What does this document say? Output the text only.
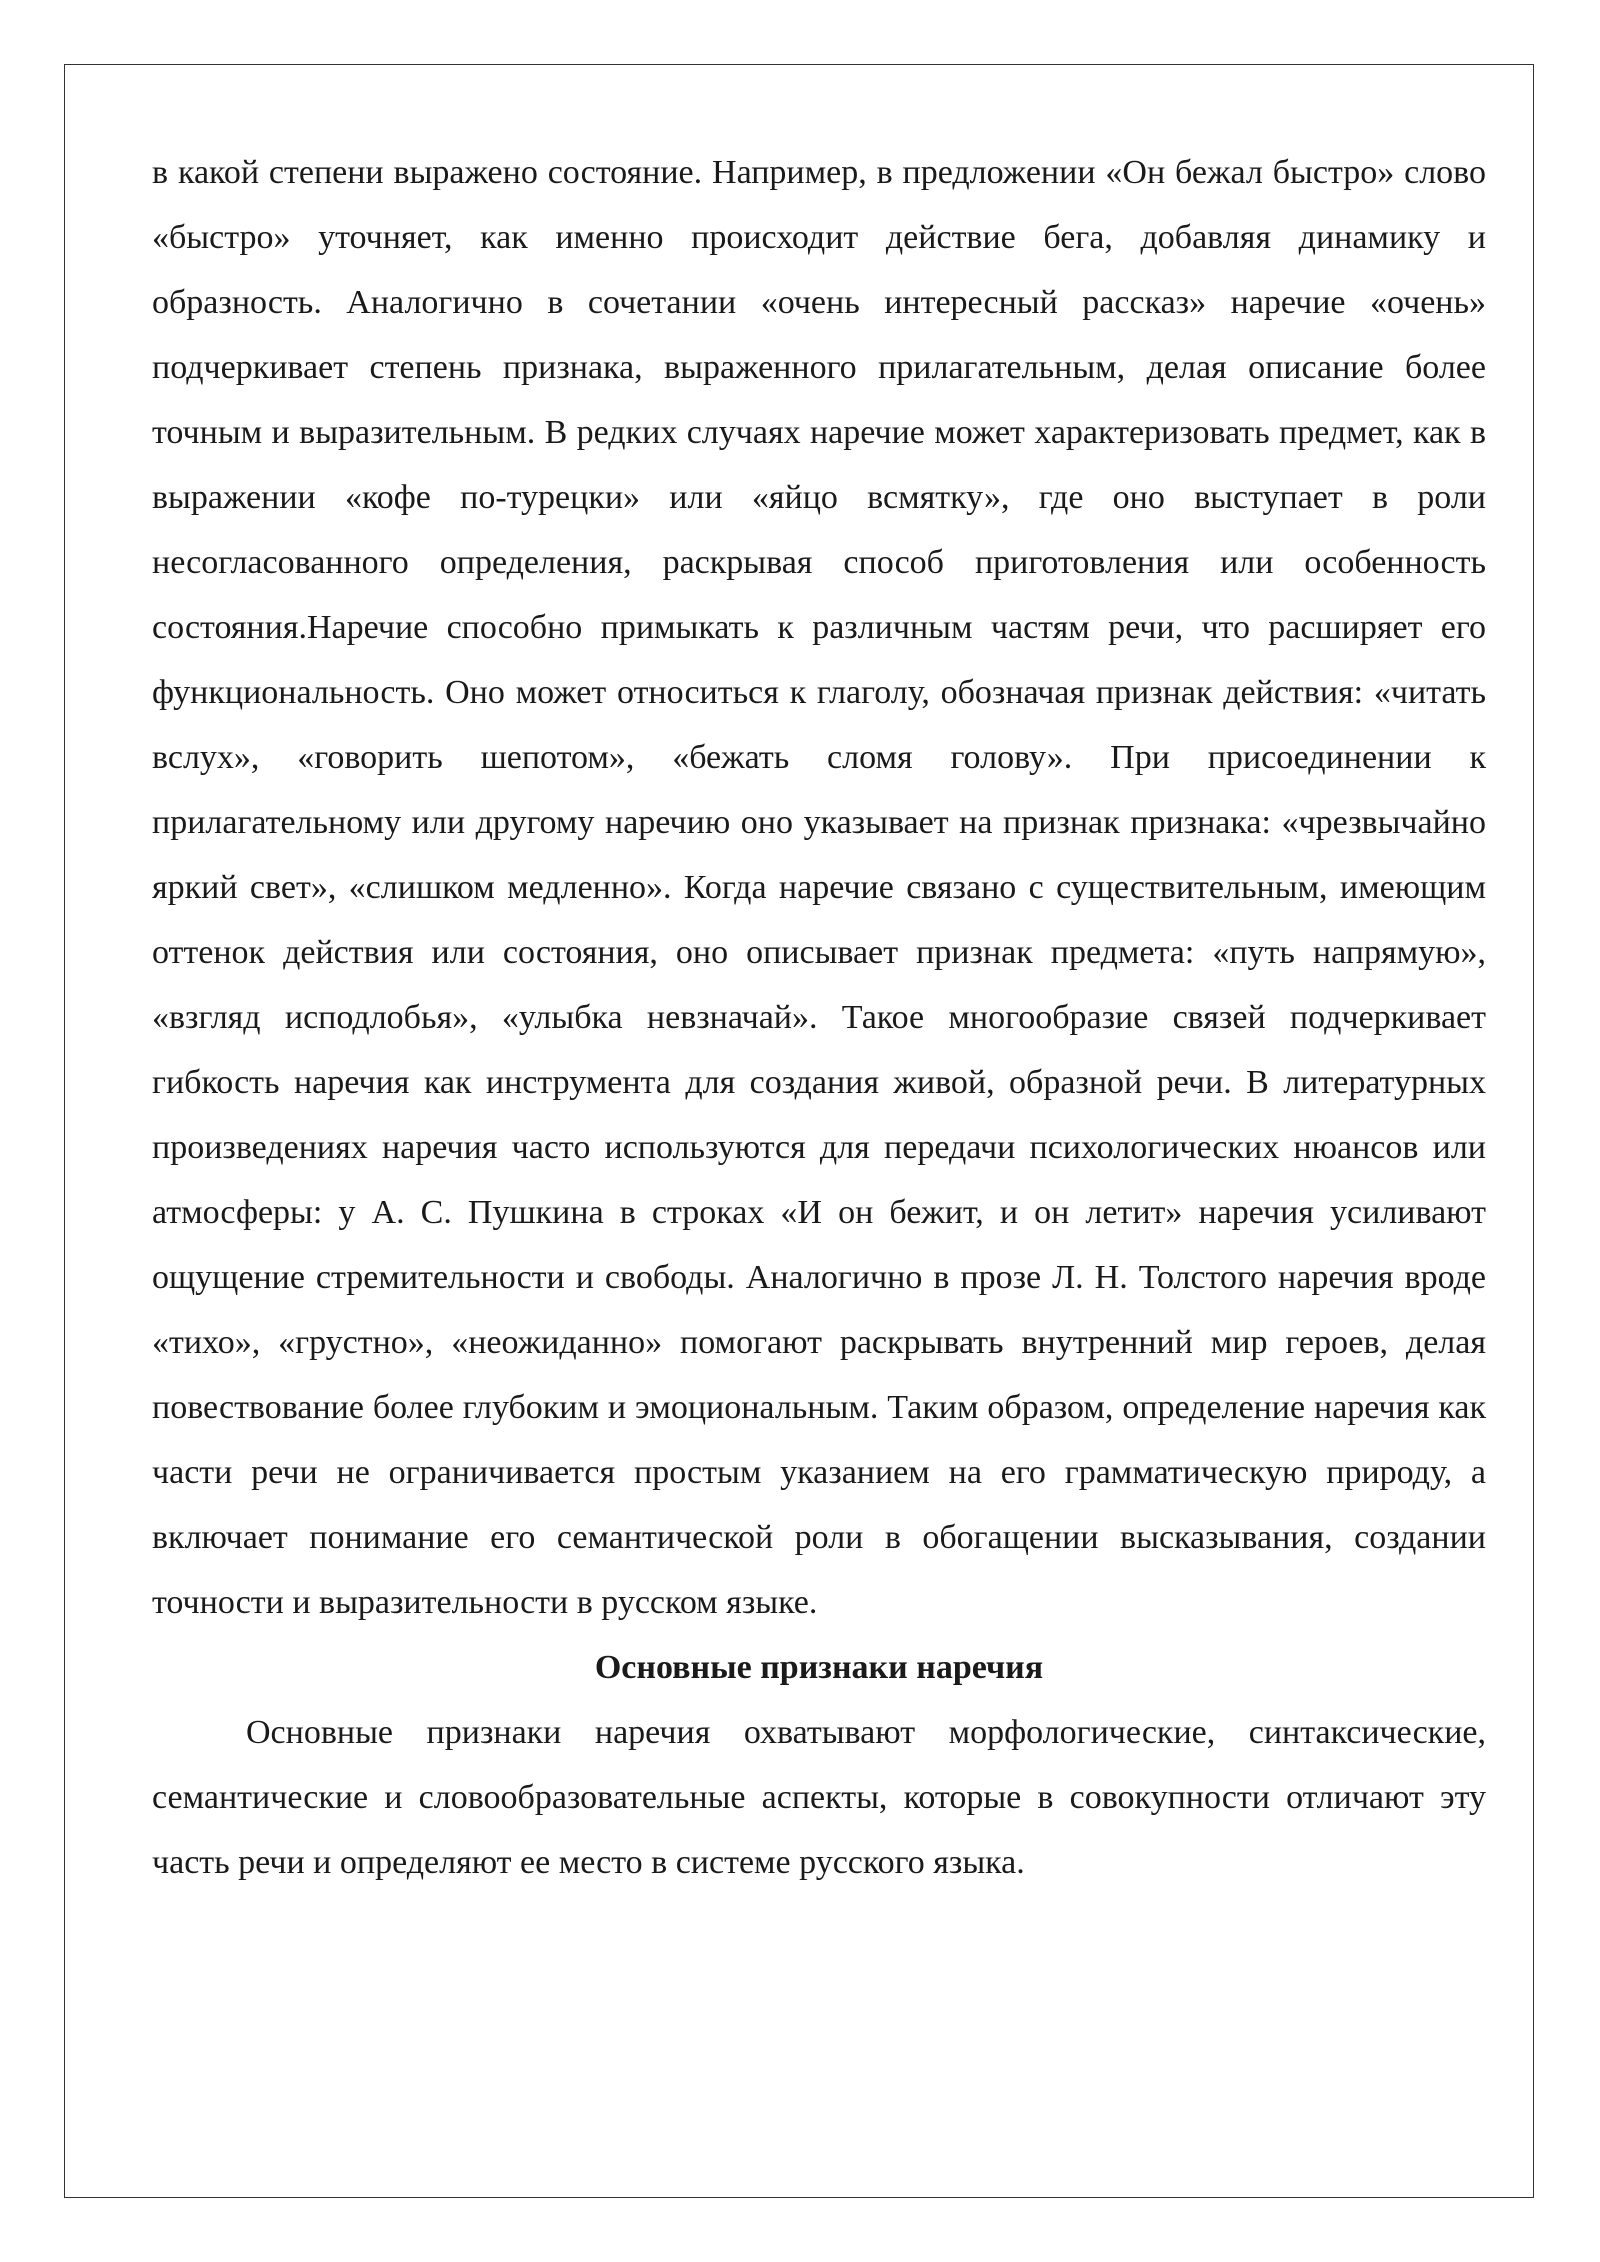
в какой степени выражено состояние. Например, в предложении «Он бежал быстро» слово «быстро» уточняет, как именно происходит действие бега, добавляя динамику и образность. Аналогично в сочетании «очень интересный рассказ» наречие «очень» подчеркивает степень признака, выраженного прилагательным, делая описание более точным и выразительным. В редких случаях наречие может характеризовать предмет, как в выражении «кофе по-турецки» или «яйцо всмятку», где оно выступает в роли несогласованного определения, раскрывая способ приготовления или особенность состояния.Наречие способно примыкать к различным частям речи, что расширяет его функциональность. Оно может относиться к глаголу, обозначая признак действия: «читать вслух», «говорить шепотом», «бежать сломя голову». При присоединении к прилагательному или другому наречию оно указывает на признак признака: «чрезвычайно яркий свет», «слишком медленно». Когда наречие связано с существительным, имеющим оттенок действия или состояния, оно описывает признак предмета: «путь напрямую», «взгляд исподлобья», «улыбка невзначай». Такое многообразие связей подчеркивает гибкость наречия как инструмента для создания живой, образной речи. В литературных произведениях наречия часто используются для передачи психологических нюансов или атмосферы: у А. С. Пушкина в строках «И он бежит, и он летит» наречия усиливают ощущение стремительности и свободы. Аналогично в прозе Л. Н. Толстого наречия вроде «тихо», «грустно», «неожиданно» помогают раскрывать внутренний мир героев, делая повествование более глубоким и эмоциональным. Таким образом, определение наречия как части речи не ограничивается простым указанием на его грамматическую природу, а включает понимание его семантической роли в обогащении высказывания, создании точности и выразительности в русском языке.

Основные признаки наречия

Основные признаки наречия охватывают морфологические, синтаксические, семантические и словообразовательные аспекты, которые в совокупности отличают эту часть речи и определяют ее место в системе русского языка.
